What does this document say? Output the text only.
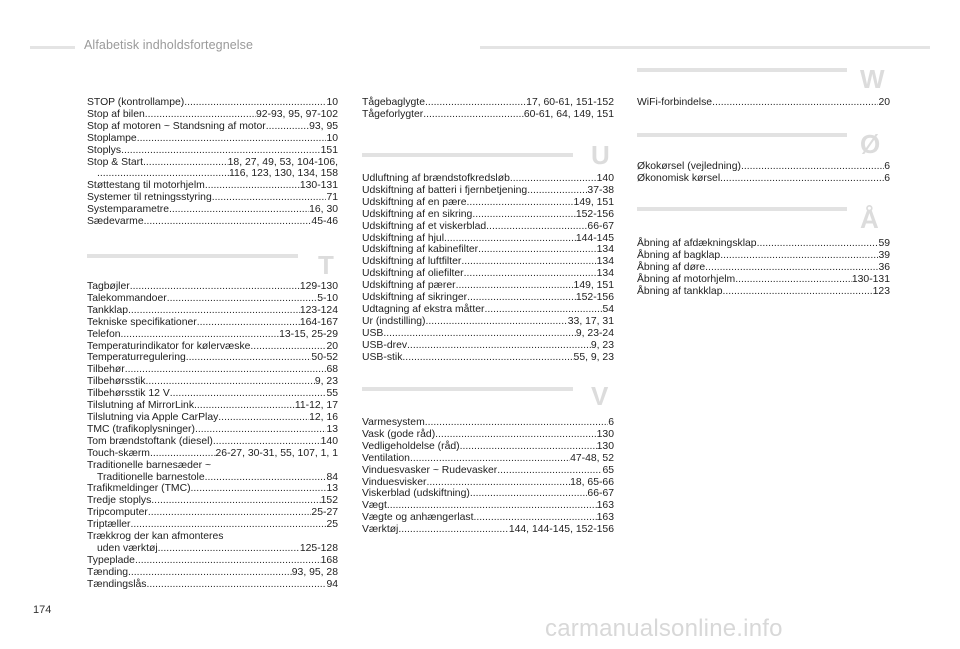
Alfabetisk indholdsfortegnelse
STOP (kontrollampe) .....	10
Stop af bilen .....	92-93, 95, 97-102
Stop af motoren ~ Standsning af motor .....	93, 95
Stoplampe .....	10
Stoplys .....	151
Stop & Start .....	18, 27, 49, 53, 104-106,
.....
116, 123, 130, 134, 158
Støttestang til motorhjelm .....	130-131
Systemer til retningsstyring .....	71
Systemparametre .....	16, 30
Sædevarme .....	45-46
T
Tagbøjler .....	129-130
Talekommandoer .....	5-10
Tankklap .....	123-124
Tekniske specifikationer .....	164-167
Telefon .....	13-15, 25-29
Temperaturindikator for kølervæske .....	20
Temperaturregulering .....	50-52
Tilbehør .....	68
Tilbehørsstik .....	9, 23
Tilbehørsstik 12 V .....	55
Tilslutning af MirrorLink .....	11-12, 17
Tilslutning via Apple CarPlay .....	12, 16
TMC (trafikoplysninger) .....	13
Tom brændstoftank (diesel) .....	140
Touch-skærm .....	26-27, 30-31, 55, 107, 1, 1
Traditionelle barnesæder ~
Traditionelle barnestole .....	84
Trafikmeldinger (TMC) .....	13
Tredje stoplys .....	152
Tripcomputer .....	25-27
Triptæller .....	25
Trækkrog der kan afmonteres
uden værktøj .....	125-128
Typeplade .....	168
Tænding .....	93, 95, 28
Tændingslås .....	94
Tågebaglygte .....	17, 60-61, 151-152
Tågeforlygter .....	60-61, 64, 149, 151
U
Udluftning af brændstofkredsløb .....	140
Udskiftning af batteri i fjernbetjening .....	37-38
Udskiftning af en pære .....	149, 151
Udskiftning af en sikring .....	152-156
Udskiftning af et viskerblad .....	66-67
Udskiftning af hjul .....	144-145
Udskiftning af kabinefilter .....	134
Udskiftning af luftfilter .....	134
Udskiftning af oliefilter .....	134
Udskiftning af pærer .....	149, 151
Udskiftning af sikringer .....	152-156
Udtagning af ekstra måtter .....	54
Ur (indstilling) .....	33, 17, 31
USB .....	9, 23-24
USB-drev .....	9, 23
USB-stik .....	55, 9, 23
V
Varmesystem .....	6
Vask (gode råd) .....	130
Vedligeholdelse (råd) .....	130
Ventilation .....	47-48, 52
Vinduesvasker ~ Rudevasker .....	65
Vinduesvisker .....	18, 65-66
Viskerblad (udskiftning) .....	66-67
Vægt .....	163
Vægte og anhængerlast .....	163
Værktøj .....	144, 144-145, 152-156
W
WiFi-forbindelse .....	20
Ø
Økokørsel (vejledning) .....	6
Økonomisk kørsel .....	6
Å
Åbning af afdækningsklap .....	59
Åbning af bagklap .....	39
Åbning af døre .....	36
Åbning af motorhjelm .....	130-131
Åbning af tankklap .....	123
174
carmanualsonline.info
